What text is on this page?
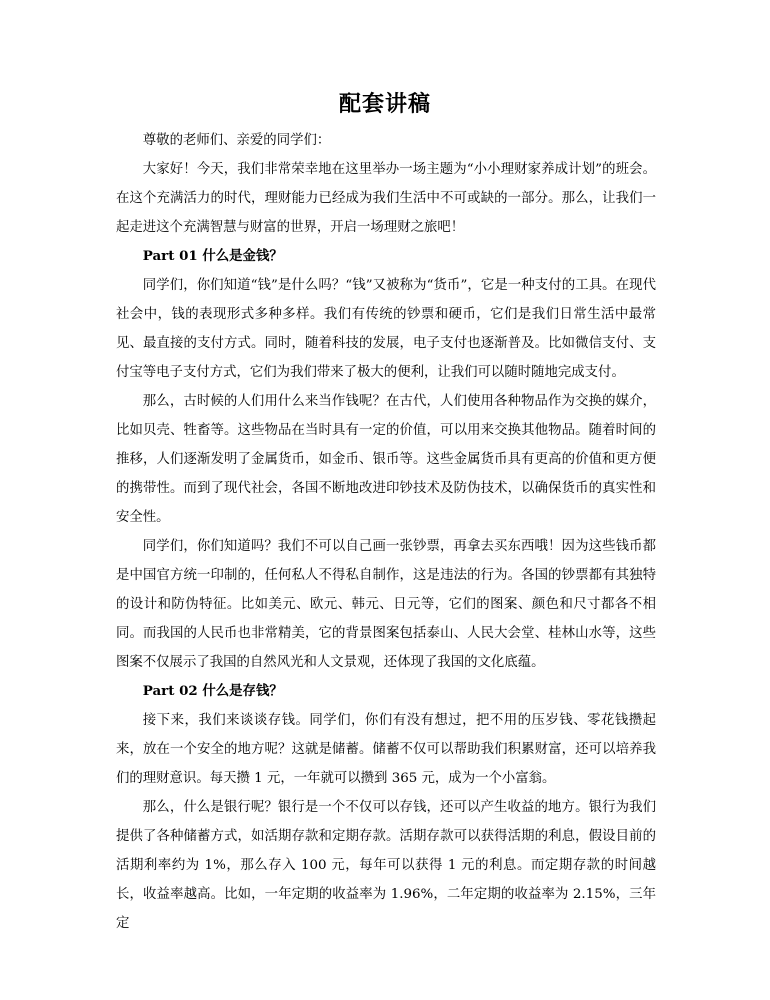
配套讲稿

尊敬的老师们、亲爱的同学们：

大家好！今天，我们非常荣幸地在这里举办一场主题为“小小理财家养成计划”的班会。在这个充满活力的时代，理财能力已经成为我们生活中不可或缺的一部分。那么，让我们一起走进这个充满智慧与财富的世界，开启一场理财之旅吧！

Part 01 什么是金钱？

同学们，你们知道“钱”是什么吗？“钱”又被称为“货币”，它是一种支付的工具。在现代社会中，钱的表现形式多种多样。我们有传统的钞票和硬币，它们是我们日常生活中最常见、最直接的支付方式。同时，随着科技的发展，电子支付也逐渐普及。比如微信支付、支付宝等电子支付方式，它们为我们带来了极大的便利，让我们可以随时随地完成支付。

那么，古时候的人们用什么来当作钱呢？在古代，人们使用各种物品作为交换的媒介，比如贝壳、牲畜等。这些物品在当时具有一定的价值，可以用来交换其他物品。随着时间的推移，人们逐渐发明了金属货币，如金币、银币等。这些金属货币具有更高的价值和更方便的携带性。而到了现代社会，各国不断地改进印钞技术及防伪技术，以确保货币的真实性和安全性。

同学们，你们知道吗？我们不可以自己画一张钞票，再拿去买东西哦！因为这些钱币都是中国官方统一印制的，任何私人不得私自制作，这是违法的行为。各国的钞票都有其独特的设计和防伪特征。比如美元、欧元、韩元、日元等，它们的图案、颜色和尺寸都各不相同。而我国的人民币也非常精美，它的背景图案包括泰山、人民大会堂、桂林山水等，这些图案不仅展示了我国的自然风光和人文景观，还体现了我国的文化底蕴。

Part 02 什么是存钱？

接下来，我们来谈谈存钱。同学们，你们有没有想过，把不用的压岁钱、零花钱攒起来，放在一个安全的地方呢？这就是储蓄。储蓄不仅可以帮助我们积累财富，还可以培养我们的理财意识。每天攒 1 元，一年就可以攒到 365 元，成为一个小富翁。

那么，什么是银行呢？银行是一个不仅可以存钱，还可以产生收益的地方。银行为我们提供了各种储蓄方式，如活期存款和定期存款。活期存款可以获得活期的利息，假设目前的活期利率约为 1%，那么存入 100 元，每年可以获得 1 元的利息。而定期存款的时间越长，收益率越高。比如，一年定期的收益率为 1.96%，二年定期的收益率为 2.15%，三年定
